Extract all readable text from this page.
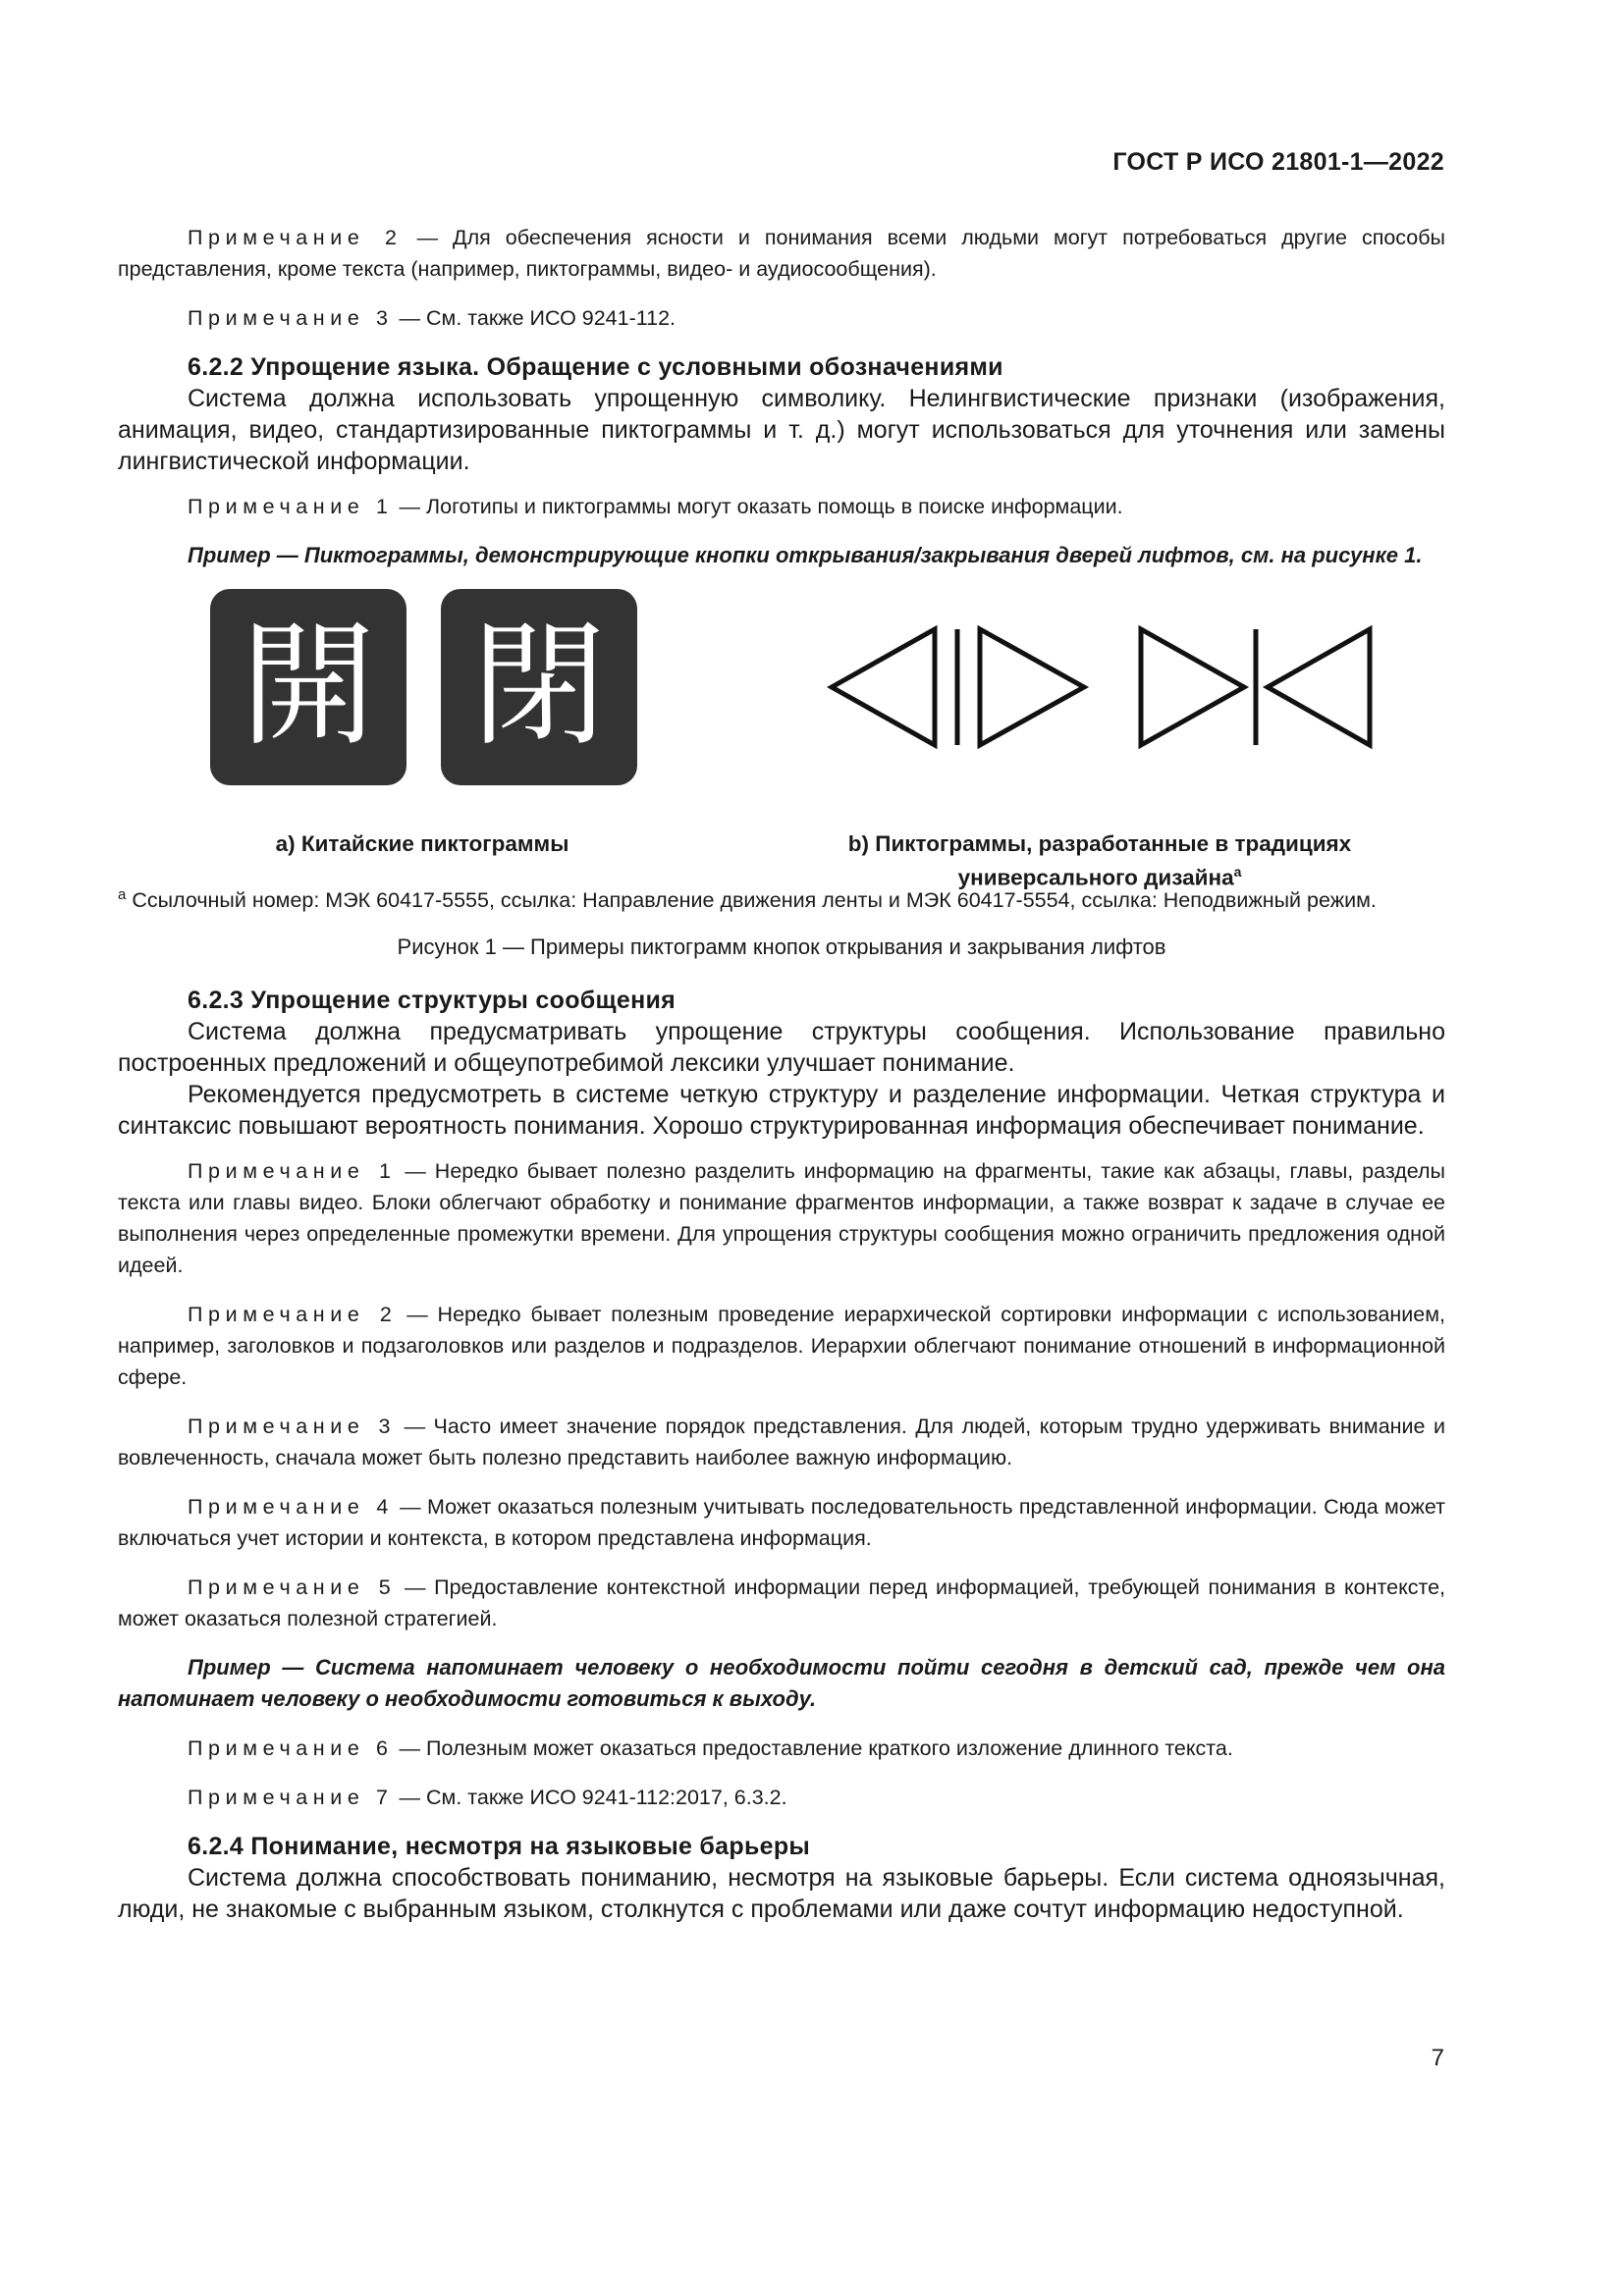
ГОСТ Р ИСО 21801-1—2022

Примечание 2 — Для обеспечения ясности и понимания всеми людьми могут потребоваться другие способы представления, кроме текста (например, пиктограммы, видео- и аудиосообщения).

Примечание 3 — См. также ИСО 9241-112.

6.2.2 Упрощение языка. Обращение с условными обозначениями

Система должна использовать упрощенную символику. Нелингвистические признаки (изображения, анимация, видео, стандартизированные пиктограммы и т. д.) могут использоваться для уточнения или замены лингвистической информации.

Примечание 1 — Логотипы и пиктограммы могут оказать помощь в поиске информации.

Пример — Пиктограммы, демонстрирующие кнопки открывания/закрывания дверей лифтов, см. на рисунке 1.

開 閉
a) Китайские пиктограммы	b) Пиктограммы, разработанные в традициях
универсального дизайна$^a$

$^a$ Ссылочный номер: МЭК 60417-5555, ссылка: Направление движения ленты и МЭК 60417-5554, ссылка: Неподвижный режим.

Рисунок 1 — Примеры пиктограмм кнопок открывания и закрывания лифтов

6.2.3 Упрощение структуры сообщения

Система должна предусматривать упрощение структуры сообщения. Использование правильно построенных предложений и общеупотребимой лексики улучшает понимание.

Рекомендуется предусмотреть в системе четкую структуру и разделение информации. Четкая структура и синтаксис повышают вероятность понимания. Хорошо структурированная информация обеспечивает понимание.

Примечание 1 — Нередко бывает полезно разделить информацию на фрагменты, такие как абзацы, главы, разделы текста или главы видео. Блоки облегчают обработку и понимание фрагментов информации, а также возврат к задаче в случае ее выполнения через определенные промежутки времени. Для упрощения структуры сообщения можно ограничить предложения одной идеей.

Примечание 2 — Нередко бывает полезным проведение иерархической сортировки информации с использованием, например, заголовков и подзаголовков или разделов и подразделов. Иерархии облегчают понимание отношений в информационной сфере.

Примечание 3 — Часто имеет значение порядок представления. Для людей, которым трудно удерживать внимание и вовлеченность, сначала может быть полезно представить наиболее важную информацию.

Примечание 4 — Может оказаться полезным учитывать последовательность представленной информации. Сюда может включаться учет истории и контекста, в котором представлена информация.

Примечание 5 — Предоставление контекстной информации перед информацией, требующей понимания в контексте, может оказаться полезной стратегией.

Пример — Система напоминает человеку о необходимости пойти сегодня в детский сад, прежде чем она напоминает человеку о необходимости готовиться к выходу.

Примечание 6 — Полезным может оказаться предоставление краткого изложение длинного текста.

Примечание 7 — См. также ИСО 9241-112:2017, 6.3.2.

6.2.4 Понимание, несмотря на языковые барьеры

Система должна способствовать пониманию, несмотря на языковые барьеры. Если система одноязычная, люди, не знакомые с выбранным языком, столкнутся с проблемами или даже сочтут информацию недоступной.

7
